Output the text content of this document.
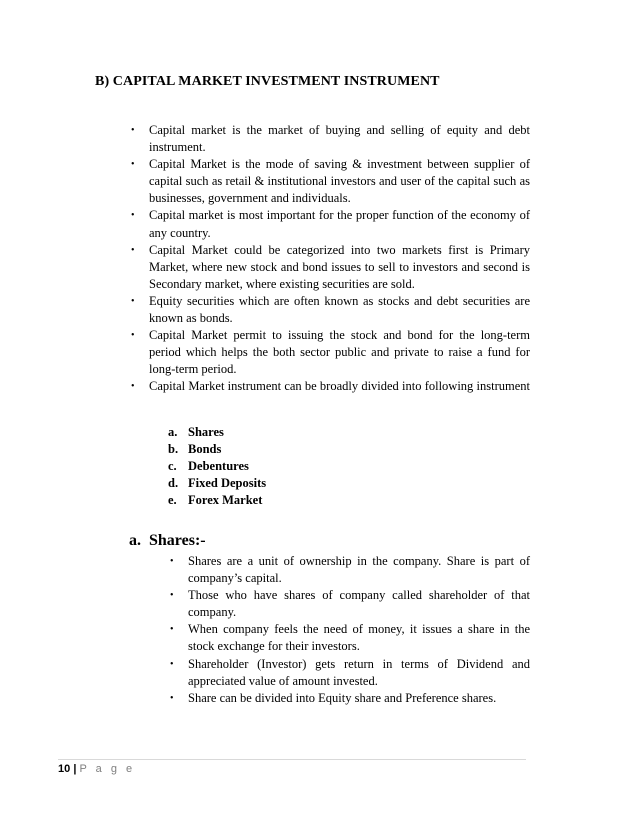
B) CAPITAL MARKET INVESTMENT INSTRUMENT
• Capital market is the market of buying and selling of equity and debt instrument.
• Capital Market is the mode of saving & investment between supplier of capital such as retail & institutional investors and user of the capital such as businesses, government and individuals.
• Capital market is most important for the proper function of the economy of any country.
• Capital Market could be categorized into two markets first is Primary Market, where new stock and bond issues to sell to investors and second is Secondary market, where existing securities are sold.
• Equity securities which are often known as stocks and debt securities are known as bonds.
• Capital Market permit to issuing the stock and bond for the long-term period which helps the both sector public and private to raise a fund for long-term period.
• Capital Market instrument can be broadly divided into following instrument
a. Shares
b. Bonds
c. Debentures
d. Fixed Deposits
e. Forex Market
a. Shares:-
• Shares are a unit of ownership in the company. Share is part of company’s capital.
• Those who have shares of company called shareholder of that company.
• When company feels the need of money, it issues a share in the stock exchange for their investors.
• Shareholder (Investor) gets return in terms of Dividend and appreciated value of amount invested.
• Share can be divided into Equity share and Preference shares.
10 | P a g e
